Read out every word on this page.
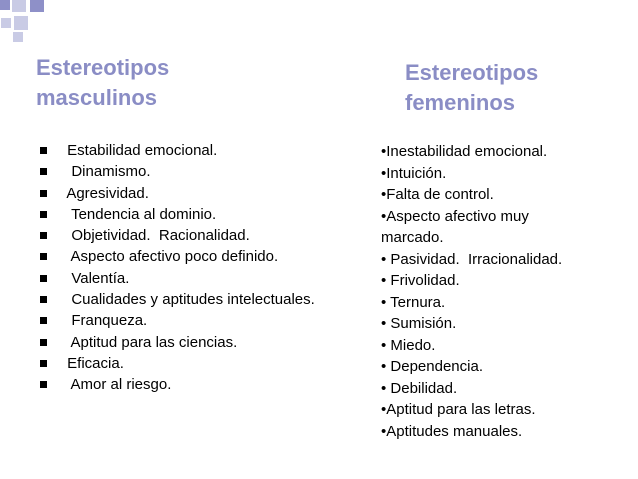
Estereotipos
masculinos
Estereotipos
femeninos
Estabilidad emocional.
Dinamismo.
Agresividad.
Tendencia al dominio.
Objetividad.  Racionalidad.
Aspecto afectivo poco definido.
Valentía.
Cualidades y aptitudes intelectuales.
Franqueza.
Aptitud para las ciencias.
Eficacia.
Amor al riesgo.
•Inestabilidad emocional.
•Intuición.
•Falta de control.
•Aspecto afectivo muy
marcado.
• Pasividad.  Irracionalidad.
• Frivolidad.
• Ternura.
• Sumisión.
• Miedo.
• Dependencia.
• Debilidad.
•Aptitud para las letras.
•Aptitudes manuales.
